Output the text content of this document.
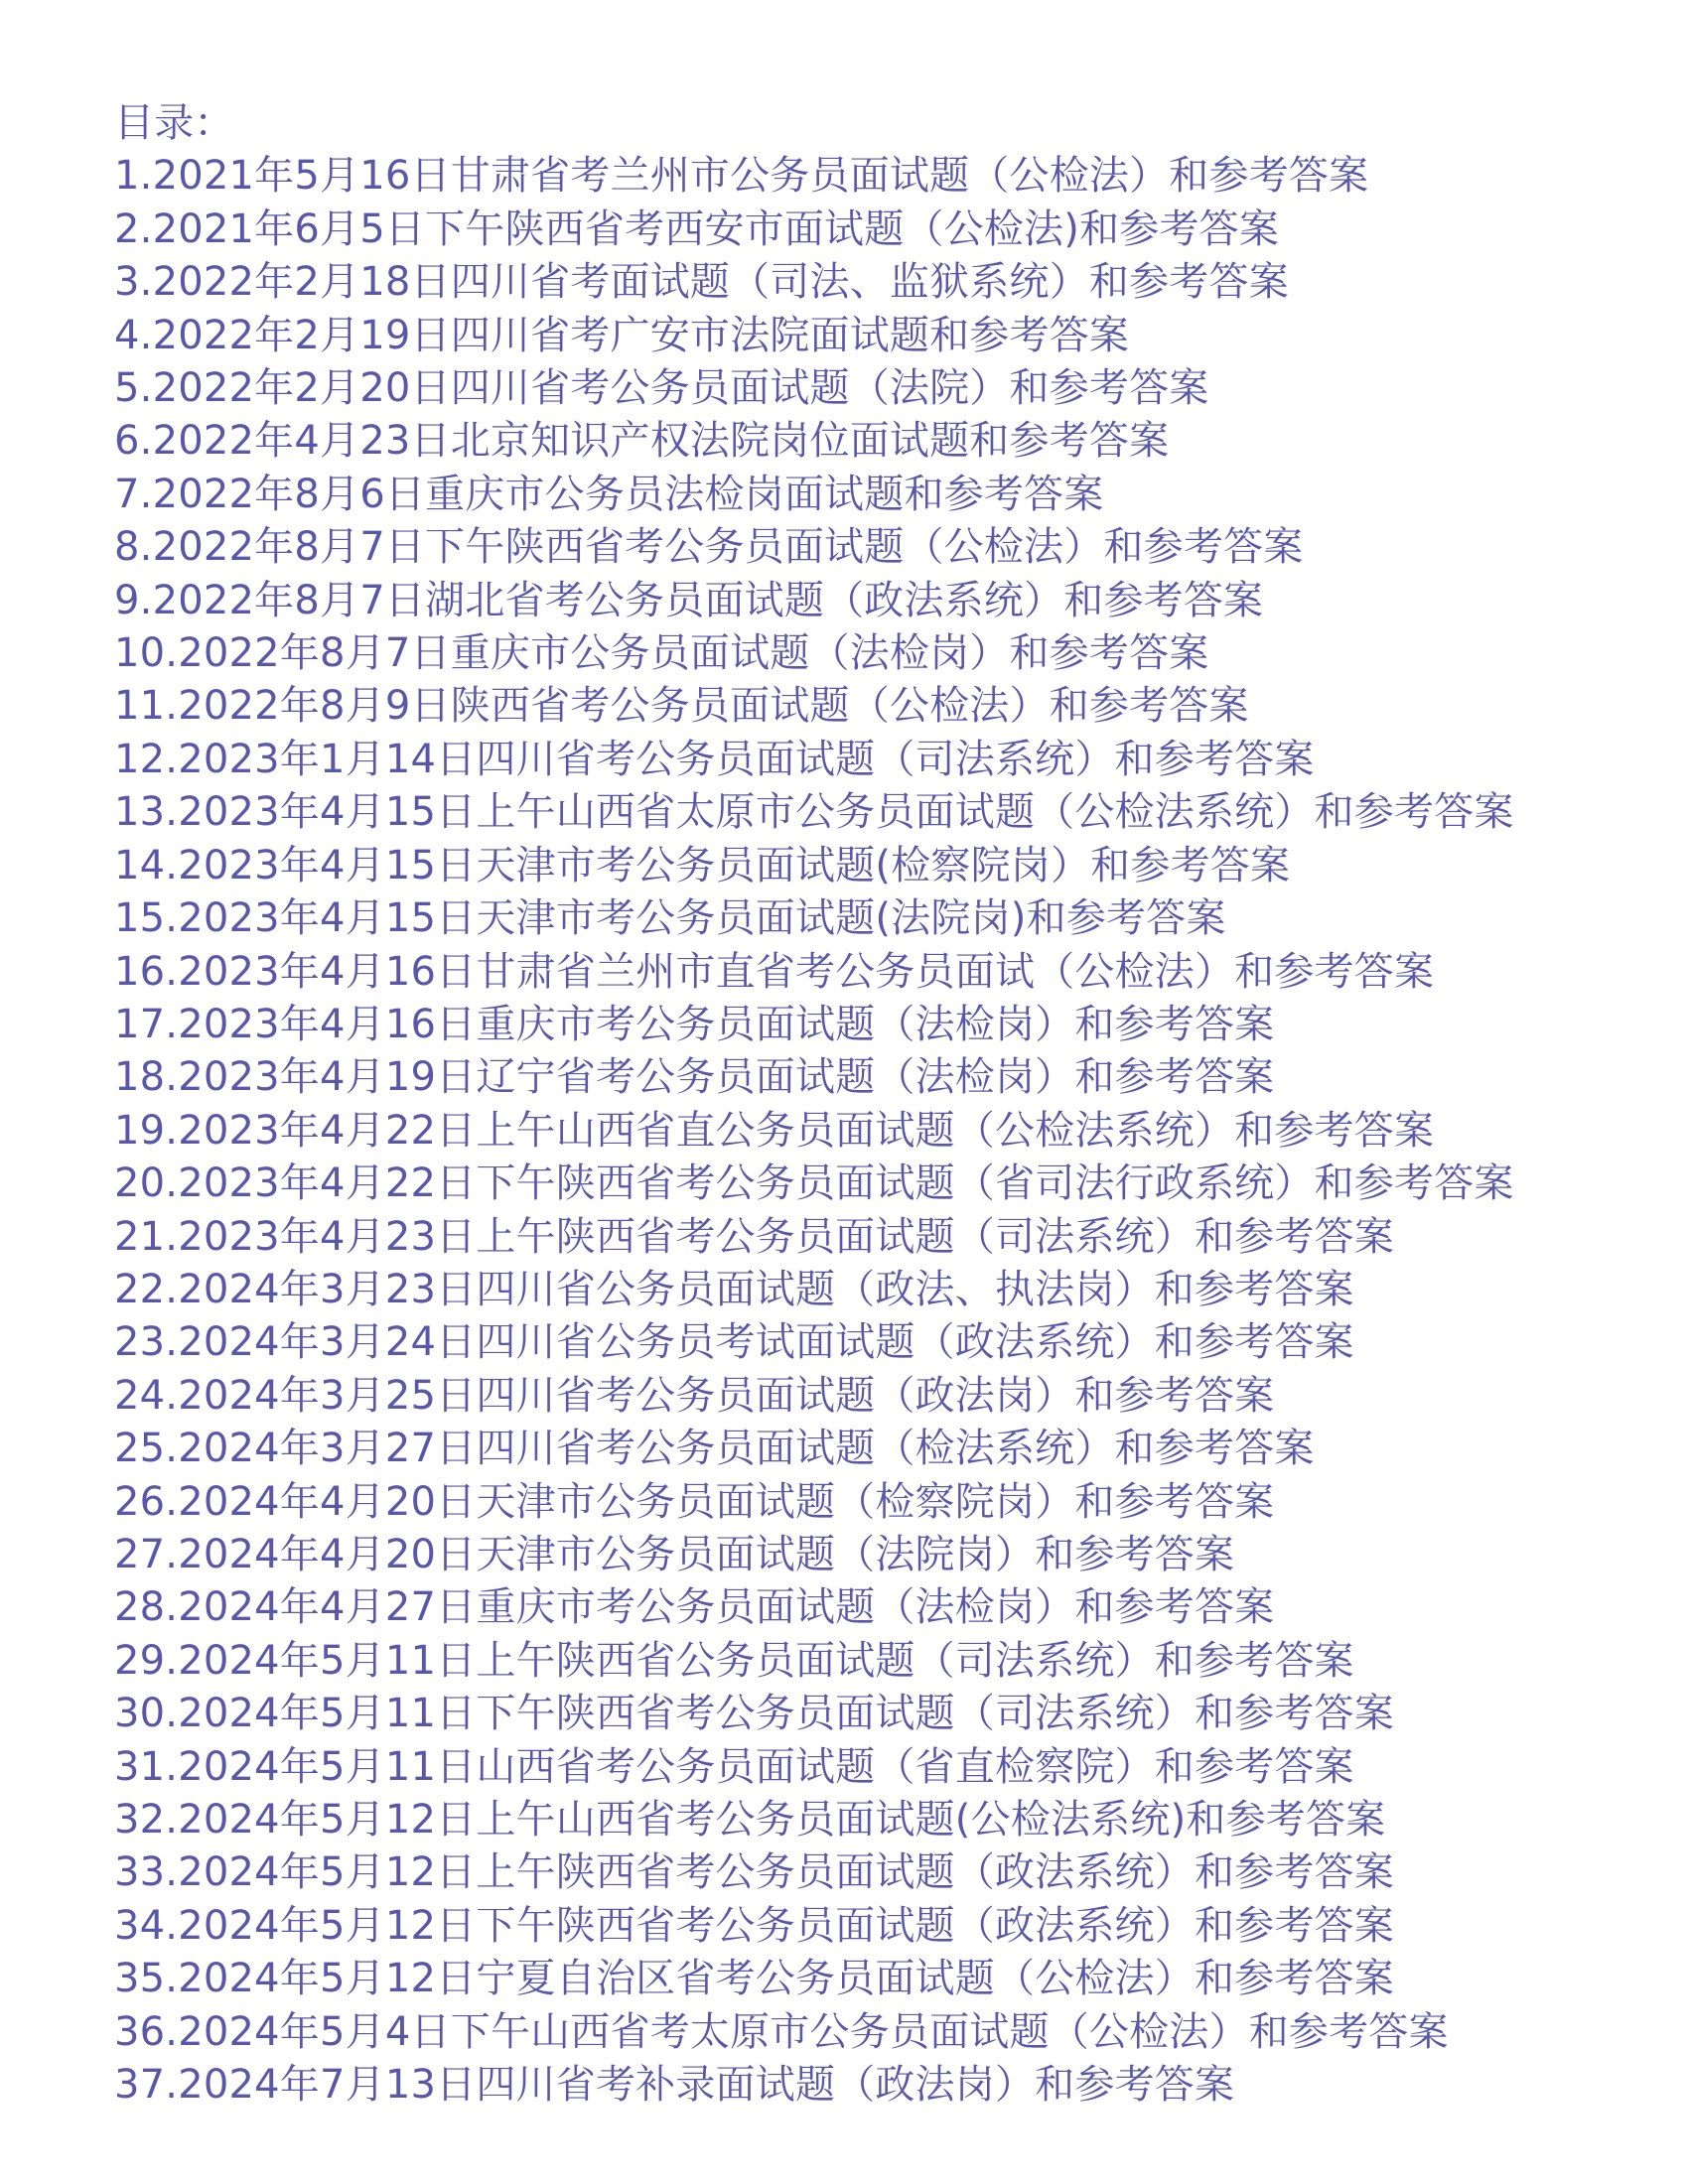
目录：
1.2021年5月16日甘肃省考兰州市公务员面试题（公检法）和参考答案
2.2021年6月5日下午陕西省考西安市面试题（公检法)和参考答案
3.2022年2月18日四川省考面试题（司法、监狱系统）和参考答案
4.2022年2月19日四川省考广安市法院面试题和参考答案
5.2022年2月20日四川省考公务员面试题（法院）和参考答案
6.2022年4月23日北京知识产权法院岗位面试题和参考答案
7.2022年8月6日重庆市公务员法检岗面试题和参考答案
8.2022年8月7日下午陕西省考公务员面试题（公检法）和参考答案
9.2022年8月7日湖北省考公务员面试题（政法系统）和参考答案
10.2022年8月7日重庆市公务员面试题（法检岗）和参考答案
11.2022年8月9日陕西省考公务员面试题（公检法）和参考答案
12.2023年1月14日四川省考公务员面试题（司法系统）和参考答案
13.2023年4月15日上午山西省太原市公务员面试题（公检法系统）和参考答案
14.2023年4月15日天津市考公务员面试题(检察院岗）和参考答案
15.2023年4月15日天津市考公务员面试题(法院岗)和参考答案
16.2023年4月16日甘肃省兰州市直省考公务员面试（公检法）和参考答案
17.2023年4月16日重庆市考公务员面试题（法检岗）和参考答案
18.2023年4月19日辽宁省考公务员面试题（法检岗）和参考答案
19.2023年4月22日上午山西省直公务员面试题（公检法系统）和参考答案
20.2023年4月22日下午陕西省考公务员面试题（省司法行政系统）和参考答案
21.2023年4月23日上午陕西省考公务员面试题（司法系统）和参考答案
22.2024年3月23日四川省公务员面试题（政法、执法岗）和参考答案
23.2024年3月24日四川省公务员考试面试题（政法系统）和参考答案
24.2024年3月25日四川省考公务员面试题（政法岗）和参考答案
25.2024年3月27日四川省考公务员面试题（检法系统）和参考答案
26.2024年4月20日天津市公务员面试题（检察院岗）和参考答案
27.2024年4月20日天津市公务员面试题（法院岗）和参考答案
28.2024年4月27日重庆市考公务员面试题（法检岗）和参考答案
29.2024年5月11日上午陕西省公务员面试题（司法系统）和参考答案
30.2024年5月11日下午陕西省考公务员面试题（司法系统）和参考答案
31.2024年5月11日山西省考公务员面试题（省直检察院）和参考答案
32.2024年5月12日上午山西省考公务员面试题(公检法系统)和参考答案
33.2024年5月12日上午陕西省考公务员面试题（政法系统）和参考答案
34.2024年5月12日下午陕西省考公务员面试题（政法系统）和参考答案
35.2024年5月12日宁夏自治区省考公务员面试题（公检法）和参考答案
36.2024年5月4日下午山西省考太原市公务员面试题（公检法）和参考答案
37.2024年7月13日四川省考补录面试题（政法岗）和参考答案
